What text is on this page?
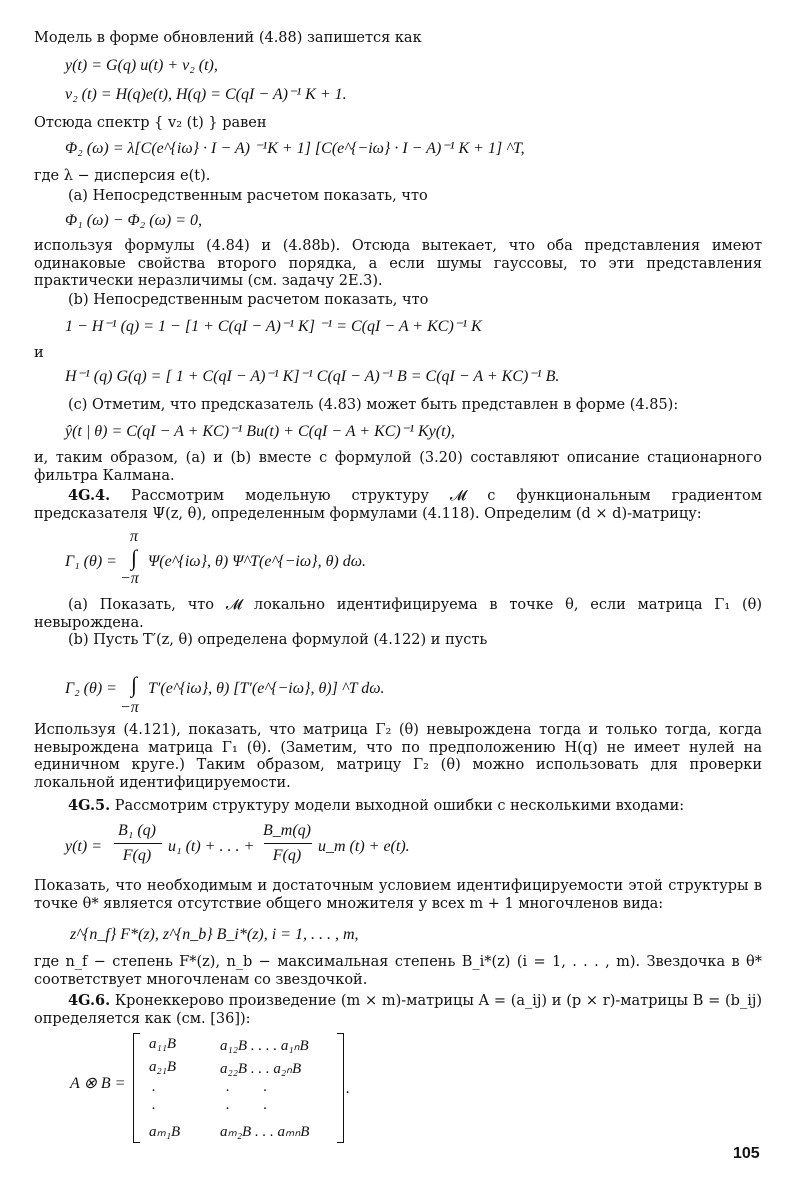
Модель в форме обновлений (4.88) запишется как
y(t) = G(q) u(t) + v₂ (t),
v₂ (t) = H(q)e(t), H(q) = C(qI − A)⁻¹ K + 1.
Отсюда спектр { v₂ (t) } равен
Φ₂ (ω) = λ[C(e^{iω} · I − A) ⁻¹K + 1] [C(e^{−iω} · I − A)⁻¹ K + 1] ^T,
где λ − дисперсия e(t).
(a) Непосредственным расчетом показать, что
Φ₁ (ω) − Φ₂ (ω) = 0,
используя формулы (4.84) и (4.88b). Отсюда вытекает, что оба представления имеют одинаковые свойства второго порядка, а если шумы гауссовы, то эти представления практически неразличимы (см. задачу 2E.3).
(b) Непосредственным расчетом показать, что
1 − H⁻¹ (q) = 1 − [1 + C(qI − A)⁻¹ K] ⁻¹ = C(qI − A + KC)⁻¹ K
и
H⁻¹ (q) G(q) = [ 1 + C(qI − A)⁻¹ K]⁻¹ C(qI − A)⁻¹ B = C(qI − A + KC)⁻¹ B.
(c) Отметим, что предсказатель (4.83) может быть представлен в форме (4.85):
ŷ(t | θ) = C(qI − A + KC)⁻¹ Bu(t) + C(qI − A + KC)⁻¹ Ky(t),
и, таким образом, (a) и (b) вместе с формулой (3.20) составляют описание стационарного фильтра Калмана.
4G.4. Рассмотрим модельную структуру 𝓜 с функциональным градиентом предсказателя Ψ(z, θ), определенным формулами (4.118). Определим (d × d)-матрицу:
Γ₁ (θ) =
π
∫
−π
Ψ(e^{iω}, θ) Ψ^T(e^{−iω}, θ) dω.
(a) Показать, что 𝓜 локально идентифицируема в точке θ, если матрица Γ₁ (θ) невырождена.
(b) Пусть T′(z, θ) определена формулой (4.122) и пусть
Γ₂ (θ) = ∫
−π
T′(e^{iω}, θ) [T′(e^{−iω}, θ)] ^T dω.
Используя (4.121), показать, что матрица Γ₂ (θ) невырождена тогда и только тогда, когда невырождена матрица Γ₁ (θ). (Заметим, что по предположению H(q) не имеет нулей на единичном круге.) Таким образом, матрицу Γ₂ (θ) можно использовать для проверки локальной идентифицируемости.
4G.5. Рассмотрим структуру модели выходной ошибки с несколькими входами:
y(t) =
B₁ (q)
F(q)
u₁ (t) + . . . +
B_m(q)
F(q)
u_m (t) + e(t).
Показать, что необходимым и достаточным условием идентифицируемости этой структуры в точке θ* является отсутствие общего множителя у всех m + 1 многочленов вида:
z^{n_f} F*(z), z^{n_b} B_i*(z), i = 1, . . . , m,
где n_f − степень F*(z), n_b − максимальная степень B_i*(z) (i = 1, . . . , m). Звездочка в θ* соответствует многочленам со звездочкой.
4G.6. Кронеккерово произведение (m × m)-матрицы A = (a_ij) и (p × r)-матрицы B = (b_ij) определяется как (см. [36]):
A ⊗ B =
a₁₁B	a₁₂B . . . . a₁ₙB
a₂₁B	a₂₂B . . . a₂ₙB
.	.         .
.	.         .
aₘ₁B	aₘ₂B . . . aₘₙB
.
105
